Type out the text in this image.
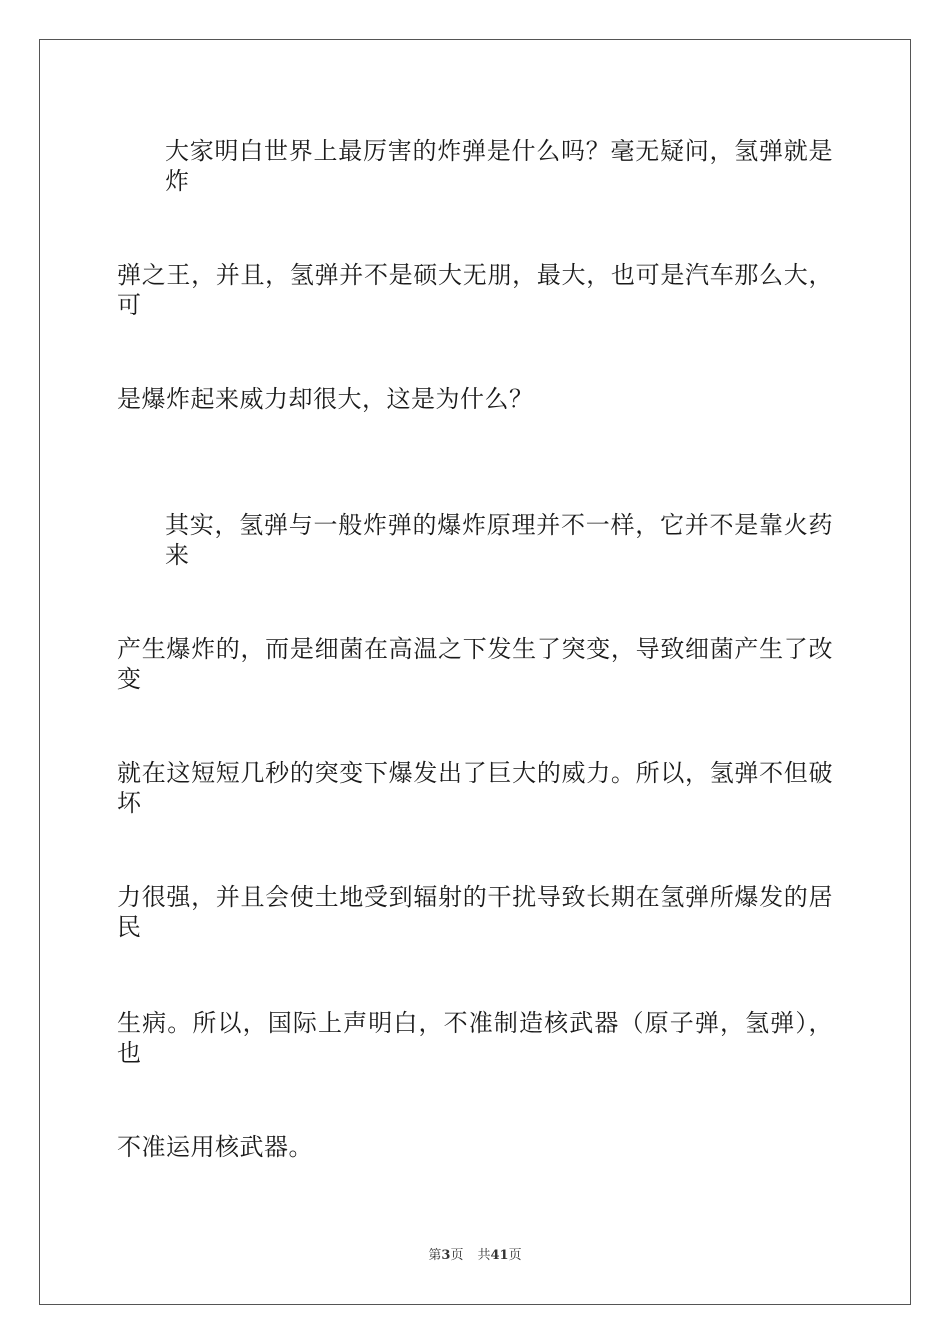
大家明白世界上最厉害的炸弹是什么吗？毫无疑问，氢弹就是炸
弹之王，并且，氢弹并不是硕大无朋，最大，也可是汽车那么大，可
是爆炸起来威力却很大，这是为什么？
其实，氢弹与一般炸弹的爆炸原理并不一样，它并不是靠火药来
产生爆炸的，而是细菌在高温之下发生了突变，导致细菌产生了改变
就在这短短几秒的突变下爆发出了巨大的威力。所以，氢弹不但破坏
力很强，并且会使土地受到辐射的干扰导致长期在氢弹所爆发的居民
生病。所以，国际上声明白，不准制造核武器（原子弹，氢弹），也
不准运用核武器。
第3页 共41页
